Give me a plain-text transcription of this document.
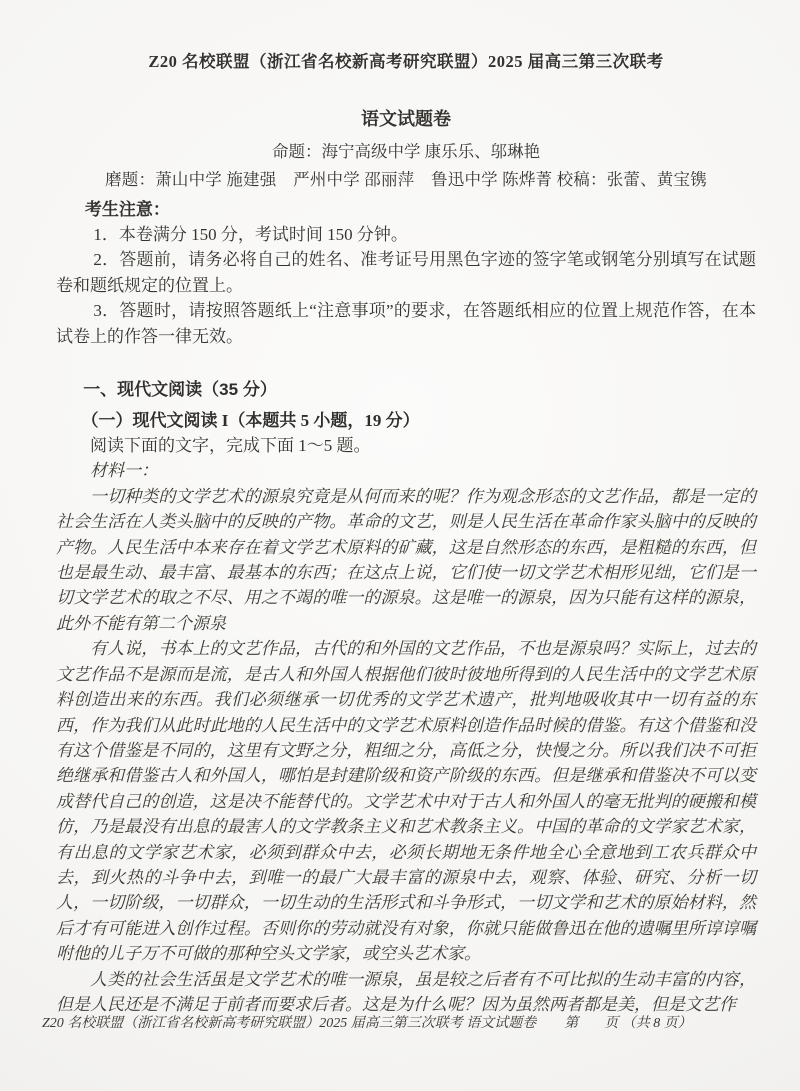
Z20 名校联盟（浙江省名校新高考研究联盟）2025 届高三第三次联考
语文试题卷
命题：海宁高级中学 康乐乐、邬琳艳
磨题：萧山中学 施建强　严州中学 邵丽萍　鲁迅中学 陈烨菁 校稿：张蕾、黄宝镌
考生注意：
1．本卷满分 150 分，考试时间 150 分钟。
2．答题前，请务必将自己的姓名、准考证号用黑色字迹的签字笔或钢笔分别填写在试题卷和题纸规定的位置上。
3．答题时，请按照答题纸上“注意事项”的要求，在答题纸相应的位置上规范作答，在本试卷上的作答一律无效。
一、现代文阅读（35 分）
（一）现代文阅读 I（本题共 5 小题，19 分）
阅读下面的文字，完成下面 1～5 题。
材料一：

一切种类的文学艺术的源泉究竟是从何而来的呢？作为观念形态的文艺作品，都是一定的社会生活在人类头脑中的反映的产物。革命的文艺，则是人民生活在革命作家头脑中的反映的产物。人民生活中本来存在着文学艺术原料的矿藏，这是自然形态的东西，是粗糙的东西，但也是最生动、最丰富、最基本的东西；在这点上说，它们使一切文学艺术相形见绌，它们是一切文学艺术的取之不尽、用之不竭的唯一的源泉。这是唯一的源泉，因为只能有这样的源泉，此外不能有第二个源泉

有人说，书本上的文艺作品，古代的和外国的文艺作品，不也是源泉吗？实际上，过去的文艺作品不是源而是流，是古人和外国人根据他们彼时彼地所得到的人民生活中的文学艺术原料创造出来的东西。我们必须继承一切优秀的文学艺术遗产，批判地吸收其中一切有益的东西，作为我们从此时此地的人民生活中的文学艺术原料创造作品时候的借鉴。有这个借鉴和没有这个借鉴是不同的，这里有文野之分，粗细之分，高低之分，快慢之分。所以我们决不可拒绝继承和借鉴古人和外国人，哪怕是封建阶级和资产阶级的东西。但是继承和借鉴决不可以变成替代自己的创造，这是决不能替代的。文学艺术中对于古人和外国人的毫无批判的硬搬和模仿，乃是最没有出息的最害人的文学教条主义和艺术教条主义。中国的革命的文学家艺术家，有出息的文学家艺术家，必须到群众中去，必须长期地无条件地全心全意地到工农兵群众中去，到火热的斗争中去，到唯一的最广大最丰富的源泉中去，观察、体验、研究、分析一切人，一切阶级，一切群众，一切生动的生活形式和斗争形式，一切文学和艺术的原始材料，然后才有可能进入创作过程。否则你的劳动就没有对象，你就只能做鲁迅在他的遗嘱里所谆谆嘱咐他的儿子万不可做的那种空头文学家，或空头艺术家。

人类的社会生活虽是文学艺术的唯一源泉，虽是较之后者有不可比拟的生动丰富的内容，但是人民还是不满足于前者而要求后者。这是为什么呢？因为虽然两者都是美，但是文艺作

Z20 名校联盟（浙江省名校新高考研究联盟）2025 届高三第三次联考 语文试题卷 第 页 （共 8 页）
